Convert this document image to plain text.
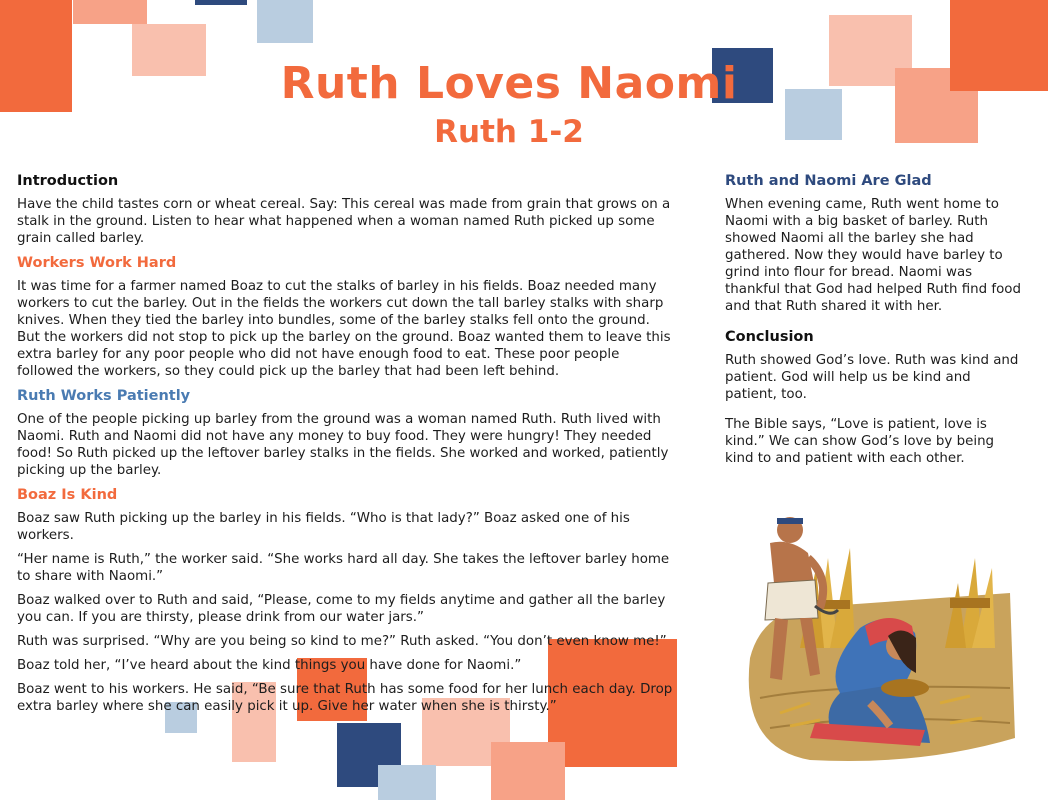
Ruth Loves Naomi
Ruth 1-2
Introduction

Have the child tastes corn or wheat cereal. Say: This cereal was made from grain that grows on a stalk in the ground. Listen to hear what happened when a woman named Ruth picked up some grain called barley.

Workers Work Hard

It was time for a farmer named Boaz to cut the stalks of barley in his fields. Boaz needed many workers to cut the barley. Out in the fields the workers cut down the tall barley stalks with sharp knives. When they tied the barley into bundles, some of the barley stalks fell onto the ground. But the workers did not stop to pick up the barley on the ground. Boaz wanted them to leave this extra barley for any poor people who did not have enough food to eat. These poor people followed the workers, so they could pick up the barley that had been left behind.

Ruth Works Patiently

One of the people picking up barley from the ground was a woman named Ruth. Ruth lived with Naomi. Ruth and Naomi did not have any money to buy food. They were hungry! They needed food! So Ruth picked up the leftover barley stalks in the fields. She worked and worked, patiently picking up the barley.

Boaz Is Kind

Boaz saw Ruth picking up the barley in his fields. “Who is that lady?” Boaz asked one of his workers.

“Her name is Ruth,” the worker said. “She works hard all day. She takes the leftover barley home to share with Naomi.”

Boaz walked over to Ruth and said, “Please, come to my fields anytime and gather all the barley you can. If you are thirsty, please drink from our water jars.”

Ruth was surprised. “Why are you being so kind to me?” Ruth asked. “You don’t even know me!”

Boaz told her, “I’ve heard about the kind things you have done for Naomi.”

Boaz went to his workers. He said, “Be sure that Ruth has some food for her lunch each day. Drop extra barley where she can easily pick it up. Give her water when she is thirsty.”

Ruth and Naomi Are Glad

When evening came, Ruth went home to Naomi with a big basket of barley. Ruth showed Naomi all the barley she had gathered. Now they would have barley to grind into flour for bread. Naomi was thankful that God had helped Ruth find food and that Ruth shared it with her.

Conclusion

Ruth showed God’s love. Ruth was kind and patient. God will help us be kind and patient, too.

The Bible says, “Love is patient, love is kind.” We can show God’s love by being kind to and patient with each other.
